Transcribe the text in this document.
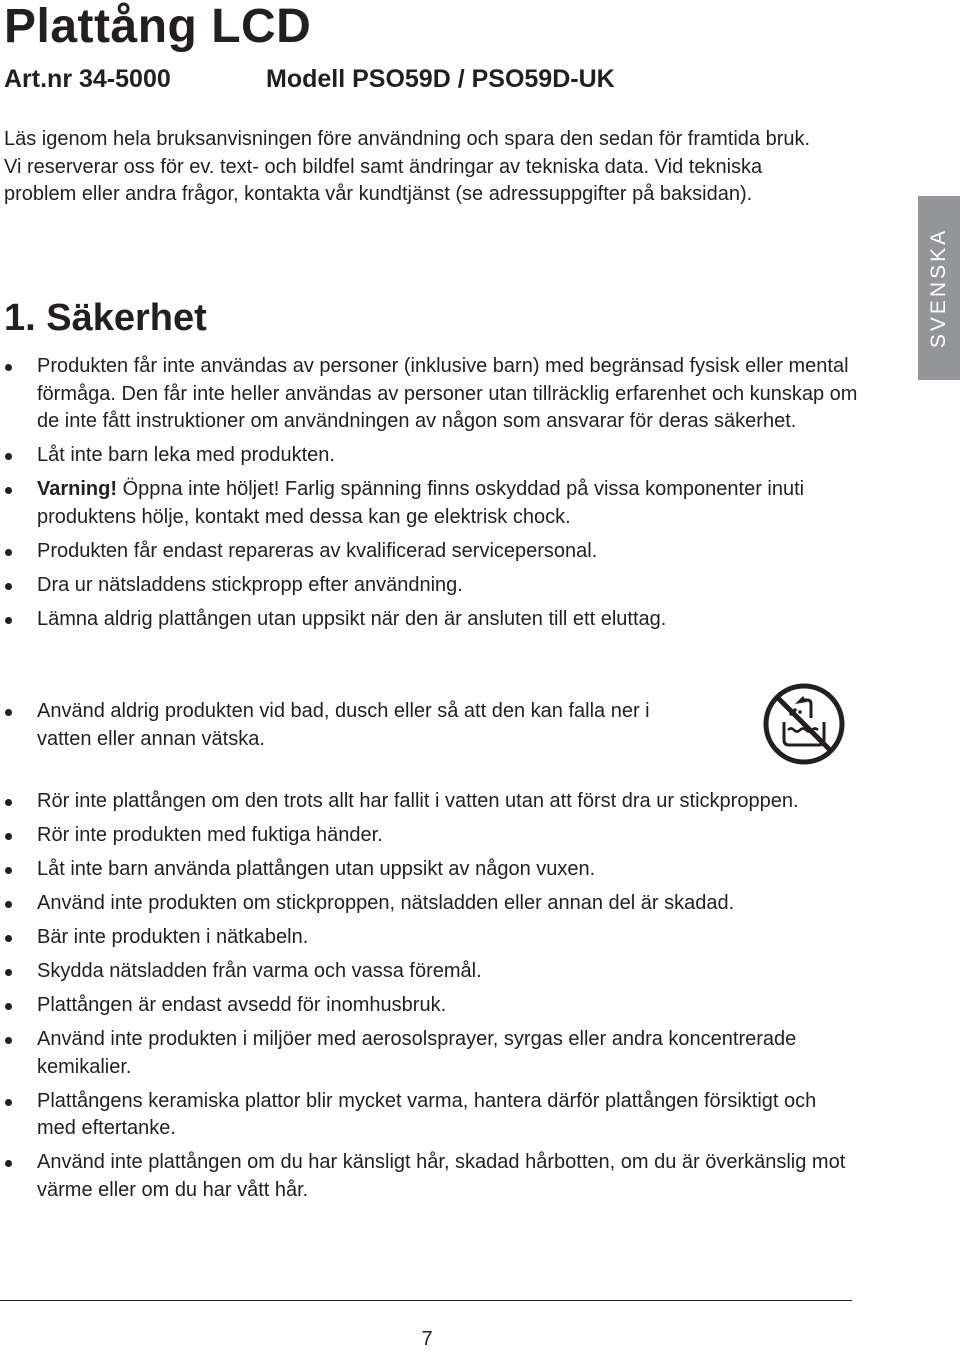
Plattång LCD
Art.nr 34-5000	Modell PSO59D / PSO59D-UK

Läs igenom hela bruksanvisningen före användning och spara den sedan för framtida bruk. Vi reserverar oss för ev. text- och bildfel samt ändringar av tekniska data. Vid tekniska problem eller andra frågor, kontakta vår kundtjänst (se adressuppgifter på baksidan).

SVENSKA
1. Säkerhet
Produkten får inte användas av personer (inklusive barn) med begränsad fysisk eller mental förmåga. Den får inte heller användas av personer utan tillräcklig erfarenhet och kunskap om de inte fått instruktioner om användningen av någon som ansvarar för deras säkerhet.
Låt inte barn leka med produkten.
Varning! Öppna inte höljet! Farlig spänning finns oskyddad på vissa komponenter inuti produktens hölje, kontakt med dessa kan ge elektrisk chock.
Produkten får endast repareras av kvalificerad servicepersonal.
Dra ur nätsladdens stickpropp efter användning.
Lämna aldrig plattången utan uppsikt när den är ansluten till ett eluttag.
Använd aldrig produkten vid bad, dusch eller så att den kan falla ner i vatten eller annan vätska.
Rör inte plattången om den trots allt har fallit i vatten utan att först dra ur stickproppen.
Rör inte produkten med fuktiga händer.
Låt inte barn använda plattången utan uppsikt av någon vuxen.
Använd inte produkten om stickproppen, nätsladden eller annan del är skadad.
Bär inte produkten i nätkabeln.
Skydda nätsladden från varma och vassa föremål.
Plattången är endast avsedd för inomhusbruk.
Använd inte produkten i miljöer med aerosolsprayer, syrgas eller andra koncentrerade kemikalier.
Plattångens keramiska plattor blir mycket varma, hantera därför plattången försiktigt och med eftertanke.
Använd inte plattången om du har känsligt hår, skadad hårbotten, om du är överkänslig mot värme eller om du har vått hår.
7
